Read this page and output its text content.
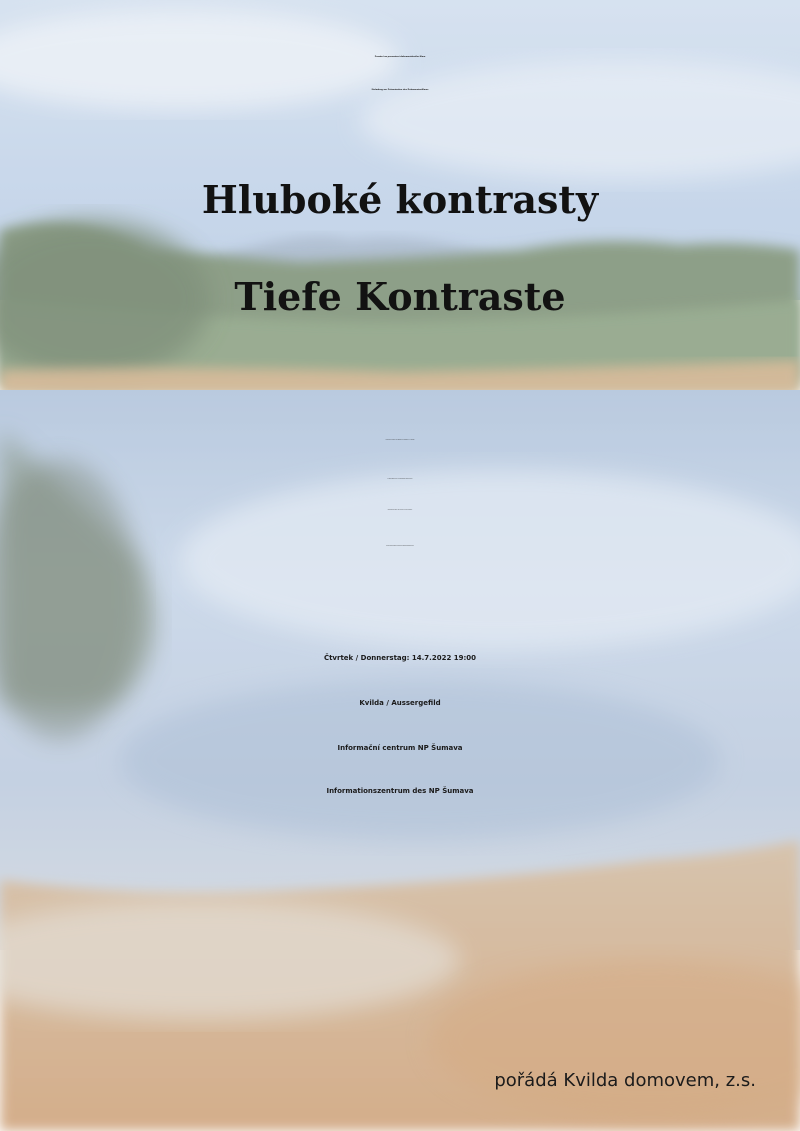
Pozvání na prezentaci dokumentárního filmu
Einladung zur Präsentation des Dokumentarfilmes
Hluboké kontrasty
Tiefe Kontraste
Výpovědi a úvahy lidí žijících na Šumavě, v Českém
a Bavorském lese a rakouském Mühlviertelu
Reflexionen über das Leben in der deustch-
tschechisch-österreichischen Böhmerwaldregion
Čtvrtek / Donnerstag: 14.7.2022 19:00
Kvilda / Aussergefild
Informační centrum NP Šumava
Informationszentrum des NP Šumava
pořádá Kvilda domovem, z.s.
